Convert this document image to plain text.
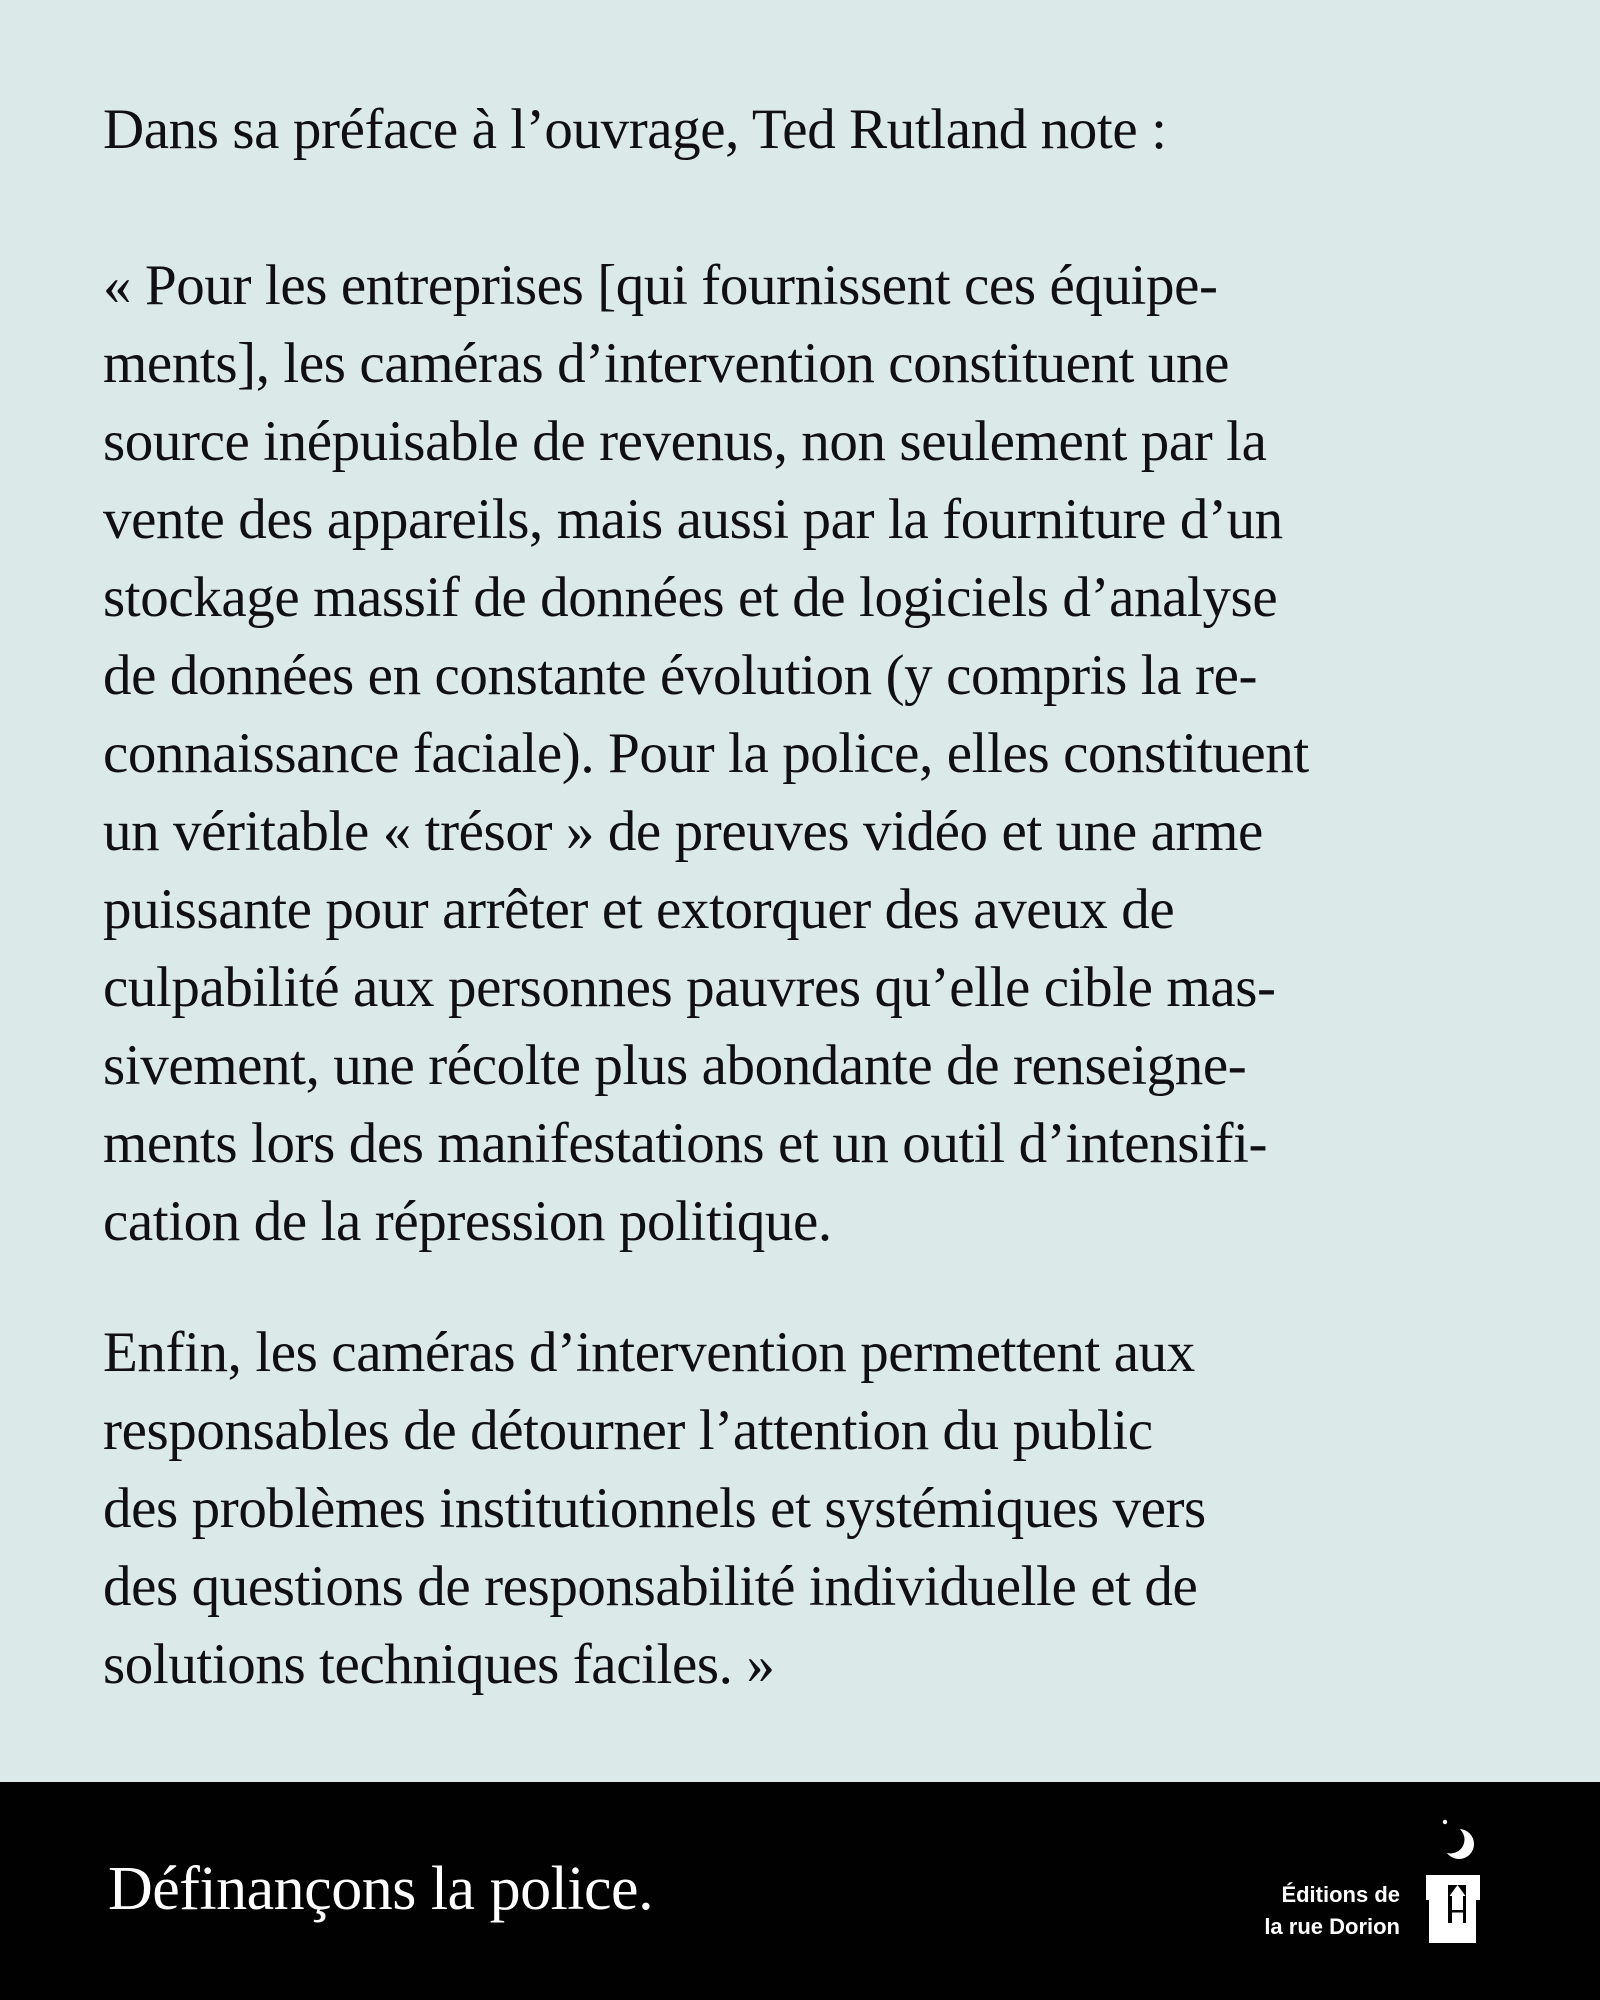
Dans sa préface à l’ouvrage, Ted Rutland note :

« Pour les entreprises [qui fournissent ces équipe-

ments], les caméras d’intervention constituent une

source inépuisable de revenus, non seulement par la

vente des appareils, mais aussi par la fourniture d’un

stockage massif de données et de logiciels d’analyse

de données en constante évolution (y compris la re-

connaissance faciale). Pour la police, elles constituent

un véritable « trésor » de preuves vidéo et une arme

puissante pour arrêter et extorquer des aveux de

culpabilité aux personnes pauvres qu’elle cible mas-

sivement, une récolte plus abondante de renseigne-

ments lors des manifestations et un outil d’intensifi-

cation de la répression politique.

Enfin, les caméras d’intervention permettent aux

responsables de détourner l’attention du public

des problèmes institutionnels et systémiques vers

des questions de responsabilité individuelle et de

solutions techniques faciles. »

Définançons la police.	Éditions de
la rue Dorion
